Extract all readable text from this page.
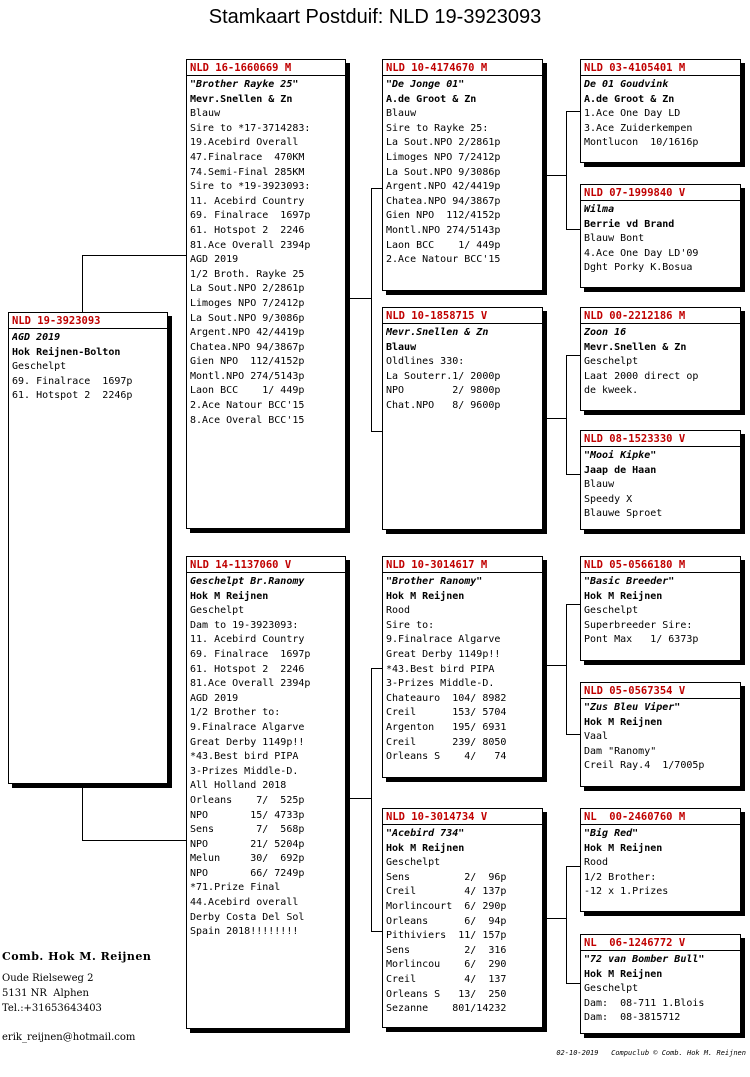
Stamkaart Postduif: NLD 19-3923093
NLD 19-3923093
AGD 2019
Hok Reijnen-Bolton
Geschelpt
69. Finalrace  1697p
61. Hotspot 2  2246p
NLD 16-1660669 M
"Brother Rayke 25"
Mevr.Snellen & Zn
Blauw
Sire to *17-3714283:
19.Acebird Overall
47.Finalrace  470KM
74.Semi-Final 285KM
Sire to *19-3923093:
11. Acebird Country
69. Finalrace  1697p
61. Hotspot 2  2246
81.Ace Overall 2394p
AGD 2019
1/2 Broth. Rayke 25
La Sout.NPO 2/2861p
Limoges NPO 7/2412p
La Sout.NPO 9/3086p
Argent.NPO 42/4419p
Chatea.NPO 94/3867p
Gien NPO  112/4152p
Montl.NPO 274/5143p
Laon BCC    1/ 449p
2.Ace Natour BCC'15
8.Ace Overal BCC'15
NLD 14-1137060 V
Geschelpt Br.Ranomy
Hok M Reijnen
Geschelpt
Dam to 19-3923093:
11. Acebird Country
69. Finalrace  1697p
61. Hotspot 2  2246
81.Ace Overall 2394p
AGD 2019
1/2 Brother to:
9.Finalrace Algarve
Great Derby 1149p!!
*43.Best bird PIPA
3-Prizes Middle-D.
All Holland 2018
Orleans    7/  525p
NPO       15/ 4733p
Sens       7/  568p
NPO       21/ 5204p
Melun     30/  692p
NPO       66/ 7249p
*71.Prize Final
44.Acebird overall
Derby Costa Del Sol
Spain 2018!!!!!!!!
NLD 10-4174670 M
"De Jonge 01"
A.de Groot & Zn
Blauw
Sire to Rayke 25:
La Sout.NPO 2/2861p
Limoges NPO 7/2412p
La Sout.NPO 9/3086p
Argent.NPO 42/4419p
Chatea.NPO 94/3867p
Gien NPO  112/4152p
Montl.NPO 274/5143p
Laon BCC    1/ 449p
2.Ace Natour BCC'15
NLD 10-1858715 V
Mevr.Snellen & Zn
Blauw
Oldlines 330:
La Souterr.1/ 2000p
NPO        2/ 9800p
Chat.NPO   8/ 9600p
NLD 10-3014617 M
"Brother Ranomy"
Hok M Reijnen
Rood
Sire to:
9.Finalrace Algarve
Great Derby 1149p!!
*43.Best bird PIPA
3-Prizes Middle-D.
Chateauro  104/ 8982
Creil      153/ 5704
Argenton   195/ 6931
Creil      239/ 8050
Orleans S    4/   74
NLD 10-3014734 V
"Acebird 734"
Hok M Reijnen
Geschelpt
Sens         2/  96p
Creil        4/ 137p
Morlincourt  6/ 290p
Orleans      6/  94p
Pithiviers  11/ 157p
Sens         2/  316
Morlincou    6/  290
Creil        4/  137
Orleans S   13/  250
Sezanne    801/14232
NLD 03-4105401 M
De 01 Goudvink
A.de Groot & Zn
1.Ace One Day LD
3.Ace Zuiderkempen
Montlucon  10/1616p
NLD 07-1999840 V
Wilma
Berrie vd Brand
Blauw Bont
4.Ace One Day LD'09
Dght Porky K.Bosua
NLD 00-2212186 M
Zoon 16
Mevr.Snellen & Zn
Geschelpt
Laat 2000 direct op
de kweek.
NLD 08-1523330 V
"Mooi Kipke"
Jaap de Haan
Blauw
Speedy X
Blauwe Sproet
NLD 05-0566180 M
"Basic Breeder"
Hok M Reijnen
Geschelpt
Superbreeder Sire:
Pont Max   1/ 6373p
NLD 05-0567354 V
"Zus Bleu Viper"
Hok M Reijnen
Vaal
Dam "Ranomy"
Creil Ray.4  1/7005p
NL  00-2460760 M
"Big Red"
Hok M Reijnen
Rood
1/2 Brother:
-12 x 1.Prizes
NL  06-1246772 V
"72 van Bomber Bull"
Hok M Reijnen
Geschelpt
Dam:  08-711 1.Blois
Dam:  08-3815712
Comb. Hok M. Reijnen
Oude Rielseweg 2
5131 NR  Alphen
Tel.:+31653643403
erik_reijnen@hotmail.com
02-10-2019   Compuclub © Comb. Hok M. Reijnen
